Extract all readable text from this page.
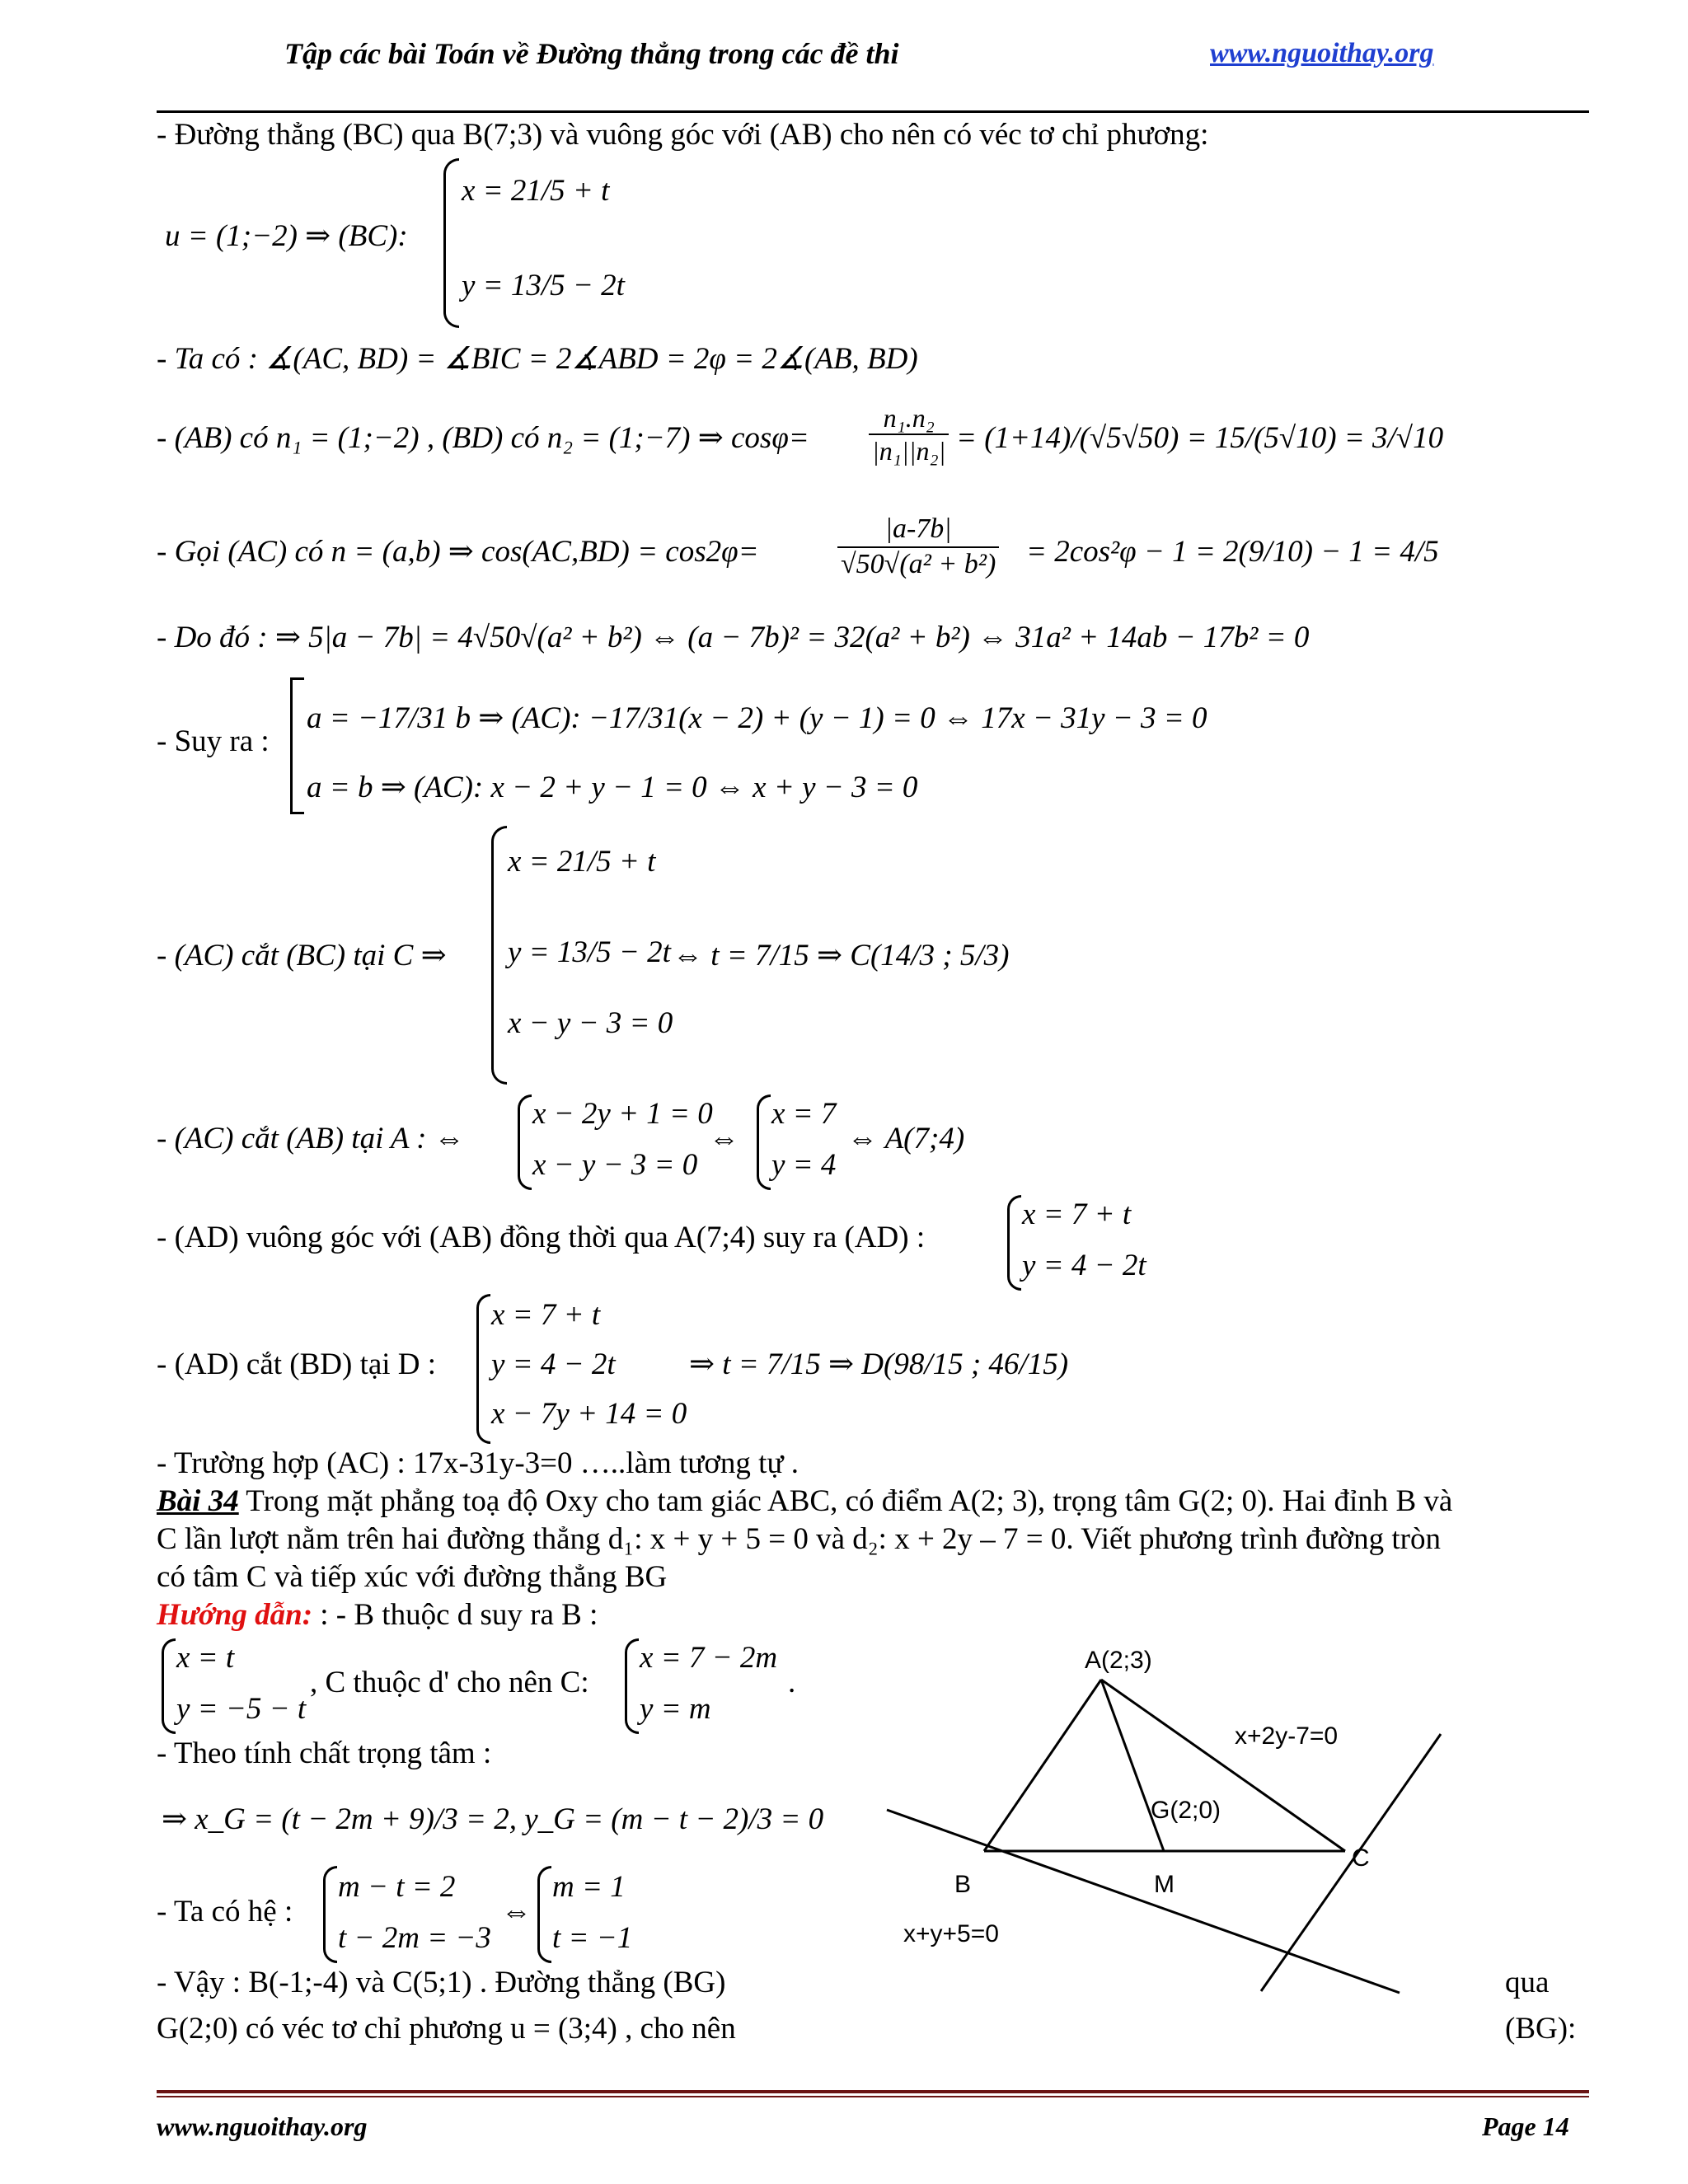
Tập các bài Toán về Đường thẳng trong các đề thi	www.nguoithay.org
- Đường thẳng (BC) qua B(7;3) và vuông góc với (AB) cho nên có véc tơ chỉ phương:
u = (1;−2) ⇒ (BC):
x = 21/5 + t
y = 13/5 − 2t
- Ta có : ∡(AC, BD) = ∡BIC = 2∡ABD = 2φ = 2∡(AB, BD)
- (AB) có n₁ = (1;−2) , (BD) có n₂ = (1;−7) ⇒ $\cos\varphi= \frac{\text{n₁.n₂}}{\text{|n₁||n₂|}} = (1+14)/(√5√50) = 15/(5√10) = 3/√10$
- Gọi (AC) có n = (a,b) ⇒ cos(AC,BD) = cos2φ=	$\frac{|a-7b|}{\text{√50√(a² + b²)}} = 2\cos^2\varphi - 1 = 2(9/10) - 1 = 4/5$
- Do đó : ⇒ 5|a − 7b| = 4√50√(a² + b²) ⇔ (a − 7b)² = 32(a² + b²) ⇔ 31a² + 14ab − 17b² = 0
- Suy ra :
a = −17/31 b ⇒ (AC): −17/31(x − 2) + (y − 1) = 0 ⇔ 17x − 31y − 3 = 0
a = b ⇒ (AC): x − 2 + y − 1 = 0 ⇔ x + y − 3 = 0
- (AC) cắt (BC) tại C ⇒
x = 21/5 + t
y = 13/5 − 2t
x − y − 3 = 0
⇔ t = 7/15 ⇒ C(14/3 ; 5/3)
- (AC) cắt (AB) tại A : ⇔
x − 2y + 1 = 0
x − y − 3 = 0
⇔
x = 7
y = 4
⇔ A(7;4)
- (AD) vuông góc với (AB) đồng thời qua A(7;4) suy ra (AD) :
x = 7 + t
y = 4 − 2t
- (AD) cắt (BD) tại D :
x = 7 + t
y = 4 − 2t
x − 7y + 14 = 0
⇒ t = 7/15 ⇒ D(98/15 ; 46/15)
- Trường hợp (AC) : 17x-31y-3=0 …..làm tương tự .
Bài 34 Trong mặt phẳng toạ độ Oxy cho tam giác ABC, có điểm A(2; 3), trọng tâm G(2; 0). Hai đỉnh B và
C lần lượt nằm trên hai đường thẳng d₁: x + y + 5 = 0 và d₂: x + 2y – 7 = 0. Viết phương trình đường tròn
có tâm C và tiếp xúc với đường thẳng BG
Hướng dẫn: : - B thuộc d suy ra B :
x = t
y = −5 − t
, C thuộc d' cho nên C:
x = 7 − 2m
y = m
.
- Theo tính chất trọng tâm :
⇒ x_G = (t − 2m + 9)/3 = 2, y_G = (m − t − 2)/3 = 0
- Ta có hệ :
m − t = 2
t − 2m = −3
⇔
m = 1
t = −1
- Vậy : B(-1;-4) và C(5;1) . Đường thẳng (BG)	qua
G(2;0) có véc tơ chỉ phương u = (3;4) , cho nên	(BG):
A(2;3)
G(2;0)
B	M
C
x+y+5=0
x+2y-7=0
www.nguoithay.org	Page 14
